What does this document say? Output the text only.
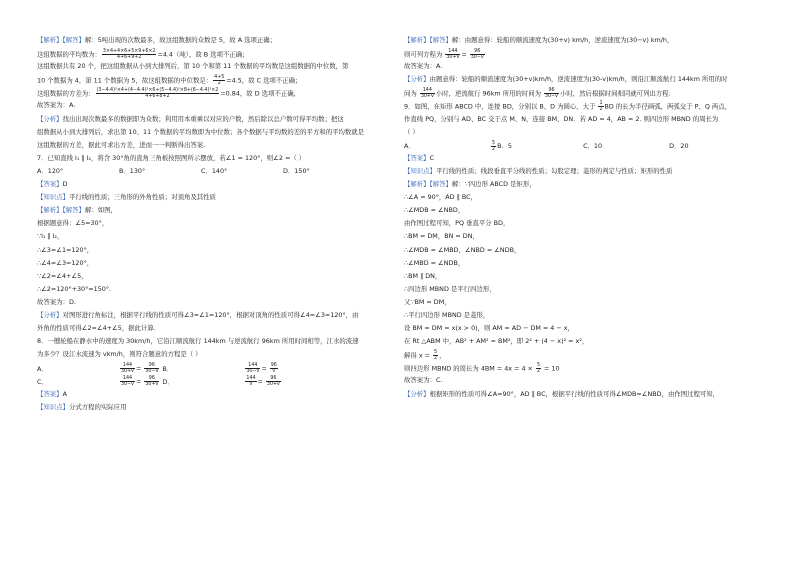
【解析】【解答】解：5吨出现的次数最多，故这组数据的众数是 5，故 A 选项正确；
这组数据的平均数为： $\frac{3\times 4+4\times 6+5\times 9+6\times 2}{4+6+9+2} =4.4$（吨），故 B 选项不正确；
这组数据共有 20 个，把这组数据从小到大排列后，第 10 个和第 11 个数据的平均数是这组数据的中位数，第
10 个数据为 4，第 11 个数据为 5，故这组数据的中位数是： $\frac{4+5}{2} =4.5$，故 C 选项不正确；
这组数据的方差为： $\frac{\text{(3−4.4)²×4+(4−4.4)²×6+(5−4.4)²×8+(6−4.4)²×2}}{4+6+8+2} =0.84$，故 D 选项不正确，
故答案为：A.
【分析】找出出现次数最多的数据即为众数；利用用本重乘以对应的户数，然后除以总户数可得平均数；把这
组数据从小到大排列后，求出第 10、11 个数据的平均数即为中位数；各个数据与平均数的差的平方和的平均数就是
这组数据的方差，据此可求出方差，进而一一判断得出答案.
7．已知直线 l₁ ∥ l₂，将含 30°角的直角三角板按照图所示摆放，若∠1 = 120°，则∠2 =（ ）
A．120°	B．130°	C．140°	D．150°
【答案】D
【知识点】平行线的性质；三角形的外角性质；对顶角及其性质
【解析】【解答】解：如图，
根据题意得：∠5=30°，
∵l₁ ∥ l₂，
∴∠3=∠1=120°，
∴∠4=∠3=120°，
∵∠2=∠4+∠5，
∴∠2=120°+30°=150°.
故答案为：D.
【分析】对图形进行角标注，根据平行线的性质可得∠3=∠1=120°，根据对顶角的性质可得∠4=∠3=120°，由
外角的性质可得∠2=∠4+∠5，据此计算.
8．一艘轮船在静水中的速度为 30km/h，它沿江顺流航行 144km 与逆流航行 96km 所用时间相等，江水的流速
为多少？设江水流速为 vkm/h，则符合题意的方程是（ ）
A．	$\frac{144}{30+v} = \frac{96}{30-v}$ B．	$\frac{144}{30-v} = \frac{96}{v}$
C．	$\frac{144}{30-v} = \frac{96}{30+v}$ D．	$\frac{144}{v} = \frac{96}{30+v}$
【答案】A
【知识点】分式方程的实际应用
【解析】【解答】解：由题意得：轮船的顺流速度为(30+v) km/h，逆流速度为(30−v) km/h，
则可列方程为 $\frac{144}{30+v} = \frac{96}{30-v}$
故答案为：A.
【分析】由题意得：轮船的顺流速度为(30+v)km/h，逆流速度为(30-v)km/h，则沿江顺流航行 144km 所用的时
间为 $\frac{144}{30+v}$ 小时，逆流航行 96km 所用的时间为 $\frac{96}{30-v}$ 小时，然后根据时间相同就可列出方程.
9．如图，在矩形 ABCD 中，连接 BD，分别以 B、D 为圆心，大于 $\frac{1}{2}$ BD 的长为半径画弧，两弧交于 P、Q 两点，
作直线 PQ，分别与 AD、BC 交于点 M、N，连接 BM、DN．若 AD = 4，AB = 2. 则四边形 MBND 的周长为
（ ）
A．	$\frac{5}{2}$ B．5	C．10	D．20
【答案】C
【知识点】平行线的性质；线段垂直平分线的性质；勾股定理；菱形的判定与性质；矩形的性质
【解析】【解答】解：∵四边形 ABCD 是矩形，
∴∠A = 90°，AD ∥ BC，
∴∠MDB = ∠NBD，
由作图过程可知，PQ 垂直平分 BD，
∴BM = DM，BN = DN，
∴∠MDB = ∠MBD，∠NBD = ∠NDB，
∴∠MBD = ∠NDB，
∴BM ∥ DN，
∴四边形 MBND 是平行四边形，
又∵BM = DM，
∴平行四边形 MBND 是菱形，
设 BM = DM = x(x > 0)，则 AM = AD − DM = 4 − x，
在 Rt △ABM 中，AB² + AM² = BM²，即 2² + (4 − x)² = x²，
解得 $x = \frac{5}{2}$ ，
则四边形 MBND 的周长为 $4BM = 4x = 4 \times \frac{5}{2} = 10$
故答案为：C.
【分析】根据矩形的性质可得∠A=90°，AD ∥ BC，根据平行线的性质可得∠MDB=∠NBD，由作图过程可知，
